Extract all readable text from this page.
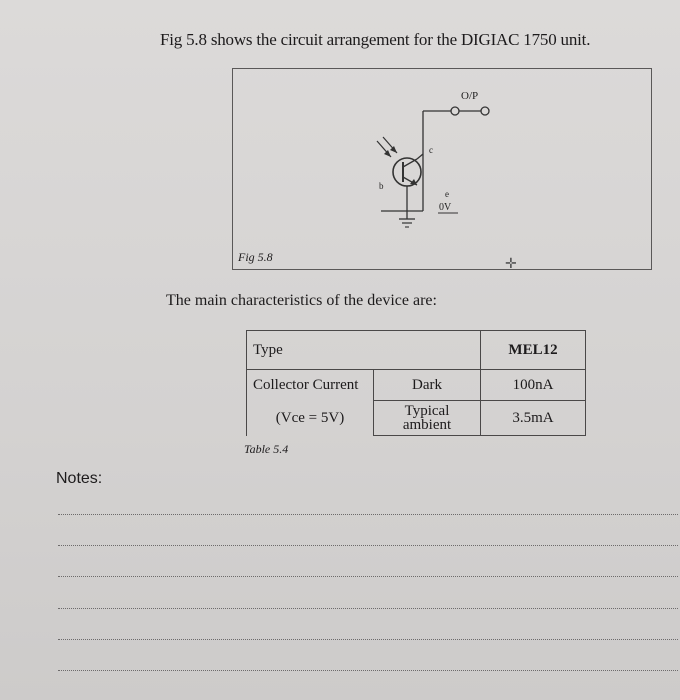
Fig 5.8 shows the circuit arrangement for the DIGIAC 1750 unit.
O/P
c
b
e
0V
Fig 5.8	✛
The main characteristics of the device are:
Type		MEL12
Collector Current	Dark	100nA
(Vce = 5V)	Typical
ambient	3.5mA
Table 5.4
Notes:
